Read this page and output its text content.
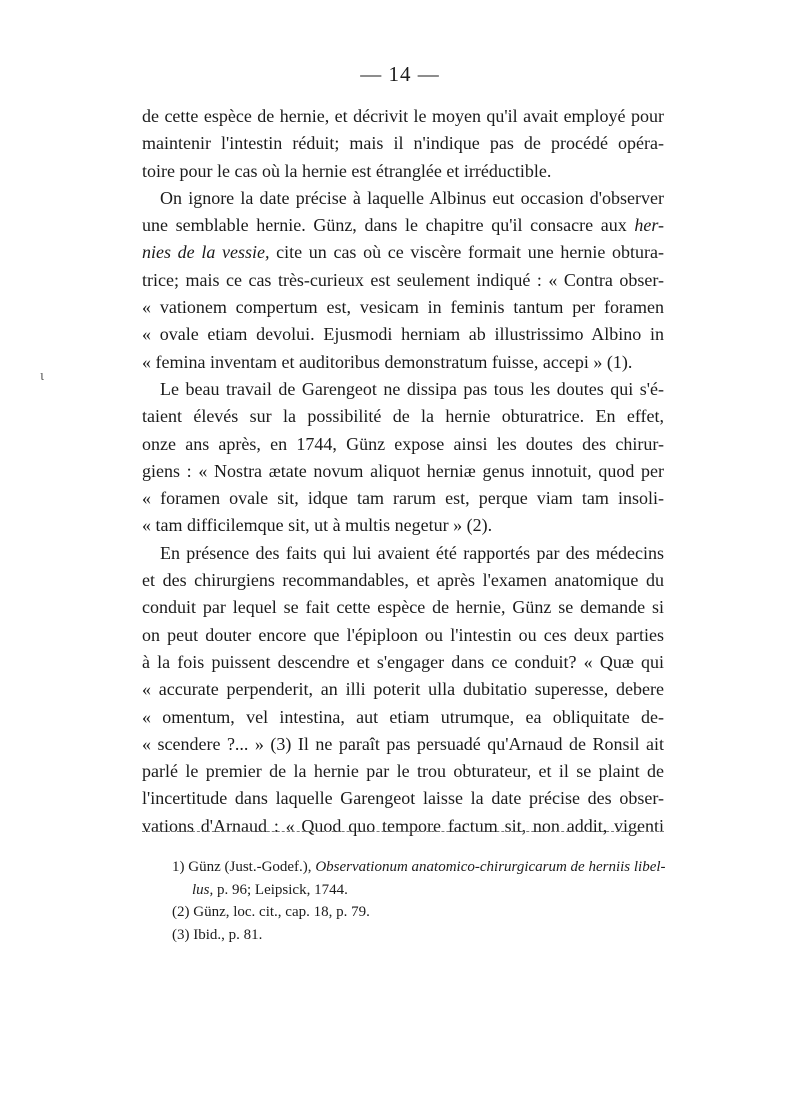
— 14 —
ι
de cette espèce de hernie, et décrivit le moyen qu'il avait employé pour
maintenir l'intestin réduit; mais il n'indique pas de procédé opéra-
toire pour le cas où la hernie est étranglée et irréductible.
On ignore la date précise à laquelle Albinus eut occasion d'observer
une semblable hernie. Günz, dans le chapitre qu'il consacre aux her-
nies de la vessie, cite un cas où ce viscère formait une hernie obtura-
trice; mais ce cas très-curieux est seulement indiqué : « Contra obser-
« vationem compertum est, vesicam in feminis tantum per foramen
« ovale etiam devolui. Ejusmodi herniam ab illustrissimo Albino in
« femina inventam et auditoribus demonstratum fuisse, accepi » (1).
Le beau travail de Garengeot ne dissipa pas tous les doutes qui s'é-
taient élevés sur la possibilité de la hernie obturatrice. En effet,
onze ans après, en 1744, Günz expose ainsi les doutes des chirur-
giens : « Nostra ætate novum aliquot herniæ genus innotuit, quod per
« foramen ovale sit, idque tam rarum est, perque viam tam insoli-
« tam difficilemque sit, ut à multis negetur » (2).
En présence des faits qui lui avaient été rapportés par des médecins
et des chirurgiens recommandables, et après l'examen anatomique du
conduit par lequel se fait cette espèce de hernie, Günz se demande si
on peut douter encore que l'épiploon ou l'intestin ou ces deux parties
à la fois puissent descendre et s'engager dans ce conduit? « Quæ qui
« accurate perpenderit, an illi poterit ulla dubitatio superesse, debere
« omentum, vel intestina, aut etiam utrumque, ea obliquitate de-
« scendere ?... » (3) Il ne paraît pas persuadé qu'Arnaud de Ronsil ait
parlé le premier de la hernie par le trou obturateur, et il se plaint de
l'incertitude dans laquelle Garengeot laisse la date précise des obser-
vations d'Arnaud : « Quod quo tempore factum sit, non addit, vigenti
1) Günz (Just.-Godef.), Observationum anatomico-chirurgicarum de herniis libel-
lus, p. 96; Leipsick, 1744.
(2) Günz, loc. cit., cap. 18, p. 79.
(3) Ibid., p. 81.
